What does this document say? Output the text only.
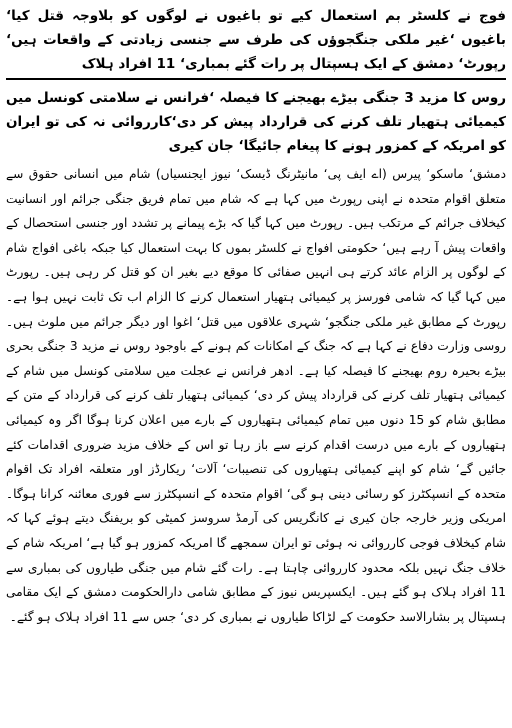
فوج نے کلسٹر بم استعمال کیے تو باغیوں نے لوگوں کو بلاوجہ قتل کیا‘ باغیوں ‘غیر ملکی جنگجوؤں کی طرف سے جنسی زیادتی کے واقعات ہیں‘ رپورٹ‘ دمشق کے ایک ہسپتال پر رات گئے بمباری‘ 11 افراد ہلاک

روس کا مزید 3 جنگی بیڑے بھیجنے کا فیصلہ ‘فرانس نے سلامتی کونسل میں کیمیائی ہتھیار تلف کرنے کی قرارداد پیش کر دی‘کارروائی نہ کی تو ایران کو امریکہ کے کمزور ہونے کا پیغام جائیگا‘ جان کیری

دمشق‘ ماسکو‘ پیرس (اے ایف پی‘ مانیٹرنگ ڈیسک‘ نیوز ایجنسیاں) شام میں انسانی حقوق سے متعلق اقوام متحدہ نے اپنی رپورٹ میں کہا ہے کہ شام میں تمام فریق جنگی جرائم اور انسانیت کیخلاف جرائم کے مرتکب ہیں۔ رپورٹ میں کہا گیا کہ بڑے پیمانے پر تشدد اور جنسی استحصال کے واقعات پیش آ رہے ہیں‘ حکومتی افواج نے کلسٹر بموں کا بہت استعمال کیا جبکہ باغی افواج شام کے لوگوں پر الزام عائد کرتے ہی انہیں صفائی کا موقع دیے بغیر ان کو قتل کر رہی ہیں۔ رپورٹ میں کہا گیا کہ شامی فورسز پر کیمیائی ہتھیار استعمال کرنے کا الزام اب تک ثابت نہیں ہوا ہے۔ رپورٹ کے مطابق غیر ملکی جنگجو‘ شہری علاقوں میں قتل‘ اغوا اور دیگر جرائم میں ملوث ہیں۔ روسی وزارت دفاع نے کہا ہے کہ جنگ کے امکانات کم ہونے کے باوجود روس نے مزید 3 جنگی بحری بیڑے بحیرہ روم بھیجنے کا فیصلہ کیا ہے۔ ادھر فرانس نے عجلت میں سلامتی کونسل میں شام کے کیمیائی ہتھیار تلف کرنے کی قرارداد پیش کر دی‘ کیمیائی ہتھیار تلف کرنے کی قرارداد کے متن کے مطابق شام کو 15 دنوں میں تمام کیمیائی ہتھیاروں کے بارے میں اعلان کرنا ہوگا اگر وہ کیمیائی ہتھیاروں کے بارے میں درست اقدام کرنے سے باز رہا تو اس کے خلاف مزید ضروری اقدامات کئے جائیں گے‘ شام کو اپنے کیمیائی ہتھیاروں کی تنصیبات‘ آلات‘ ریکارڈز اور متعلقہ افراد تک اقوام متحدہ کے انسپکٹرز کو رسائی دینی ہو گی‘ اقوام متحدہ کے انسپکٹرز سے فوری معائنہ کرانا ہوگا۔ امریکی وزیر خارجہ جان کیری نے کانگریس کی آرمڈ سروسز کمیٹی کو بریفنگ دیتے ہوئے کہا کہ شام کیخلاف فوجی کارروائی نہ ہوئی تو ایران سمجھے گا امریکہ کمزور ہو گیا ہے‘ امریکہ شام کے خلاف جنگ نہیں بلکہ محدود کارروائی چاہتا ہے۔ رات گئے شام میں جنگی طیاروں کی بمباری سے 11 افراد ہلاک ہو گئے ہیں۔ ایکسپریس نیوز کے مطابق شامی دارالحکومت دمشق کے ایک مقامی ہسپتال پر بشارالاسد حکومت کے لڑاکا طیاروں نے بمباری کر دی‘ جس سے 11 افراد ہلاک ہو گئے۔
